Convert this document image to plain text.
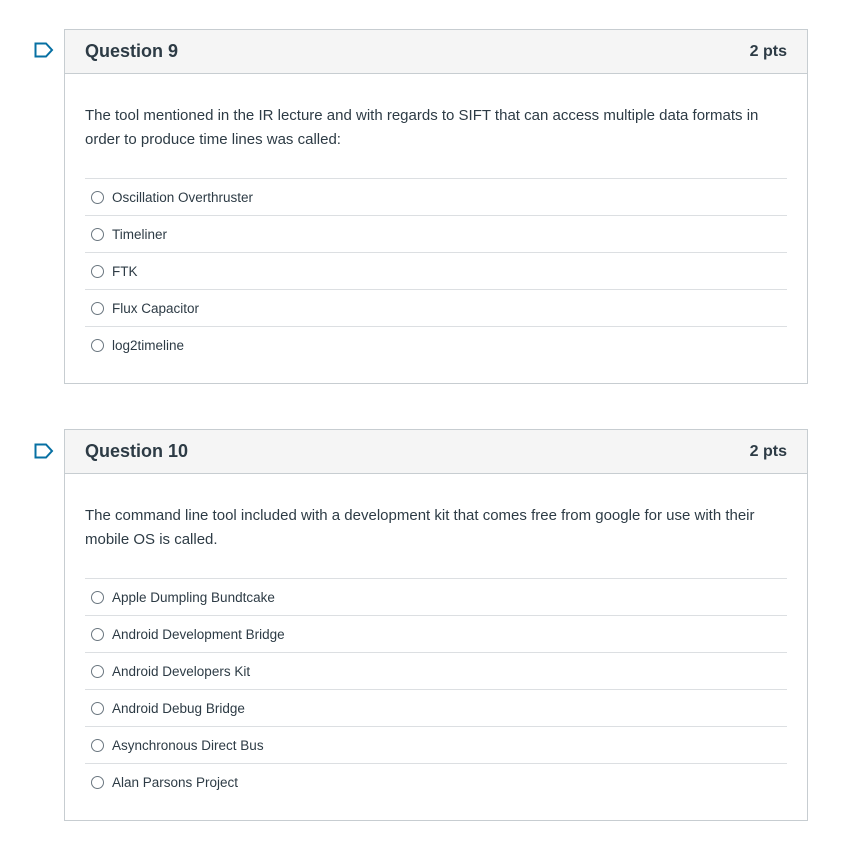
Question 9	2 pts

The tool mentioned in the IR lecture and with regards to SIFT that can access multiple data formats in order to produce time lines was called:

Oscillation Overthruster
Timeliner
FTK
Flux Capacitor
log2timeline
Question 10	2 pts

The command line tool included with a development kit that comes free from google for use with their mobile OS is called.

Apple Dumpling Bundtcake
Android Development Bridge
Android Developers Kit
Android Debug Bridge
Asynchronous Direct Bus
Alan Parsons Project
